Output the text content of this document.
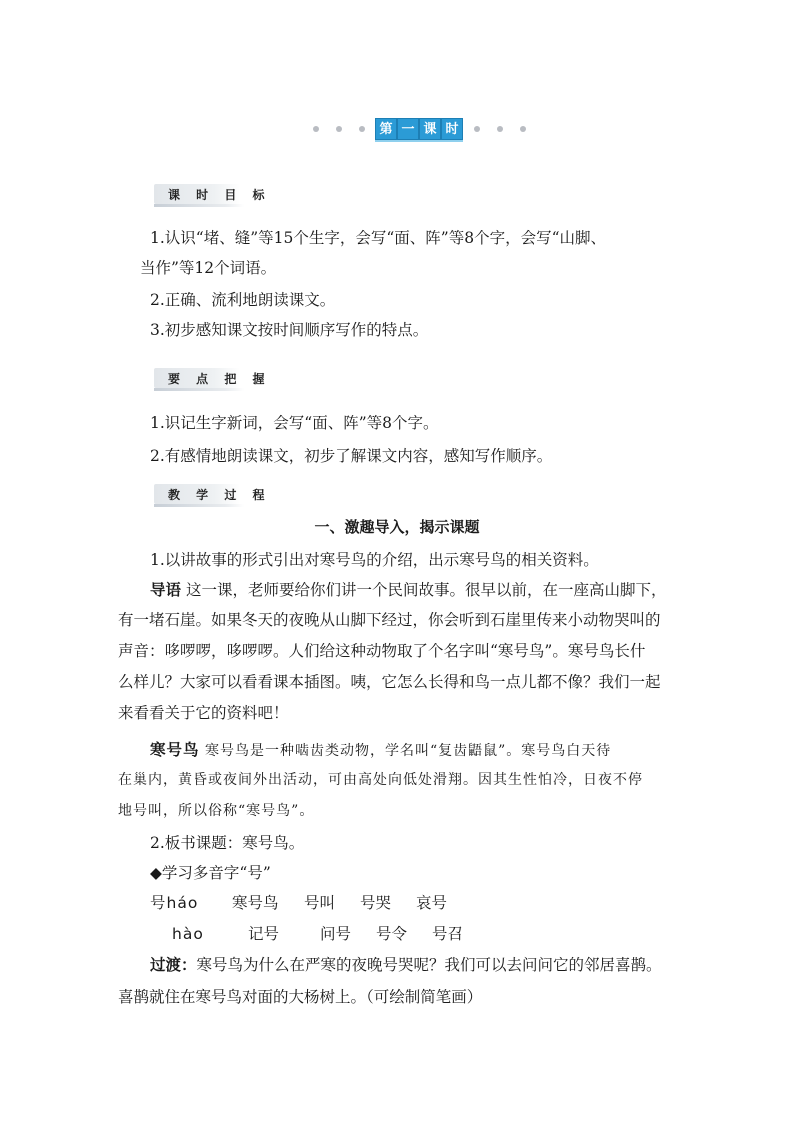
第 一 课 时
课 时 目 标
1.认识“堵、缝”等15个生字，会写“面、阵”等8个字，会写“山脚、
当作”等12个词语。
2.正确、流利地朗读课文。
3.初步感知课文按时间顺序写作的特点。
要 点 把 握
1.识记生字新词，会写“面、阵”等8个字。
2.有感情地朗读课文，初步了解课文内容，感知写作顺序。
教 学 过 程
一、激趣导入，揭示课题
1.以讲故事的形式引出对寒号鸟的介绍，出示寒号鸟的相关资料。
导语 这一课，老师要给你们讲一个民间故事。很早以前，在一座高山脚下，
有一堵石崖。如果冬天的夜晚从山脚下经过，你会听到石崖里传来小动物哭叫的
声音：哆啰啰，哆啰啰。人们给这种动物取了个名字叫“寒号鸟”。寒号鸟长什
么样儿？大家可以看看课本插图。咦，它怎么长得和鸟一点儿都不像？我们一起
来看看关于它的资料吧！
寒号鸟 寒号鸟是一种啮齿类动物，学名叫“复齿鼯鼠”。寒号鸟白天待
在巢内，黄昏或夜间外出活动，可由高处向低处滑翔。因其生性怕冷，日夜不停
地号叫，所以俗称“寒号鸟”。
2.板书课题：寒号鸟。
◆学习多音字“号”
号háo 寒号鸟 号叫 号哭 哀号
hào	记号	问号 号令 号召
过渡：寒号鸟为什么在严寒的夜晚号哭呢？我们可以去问问它的邻居喜鹊。
喜鹊就住在寒号鸟对面的大杨树上。（可绘制简笔画）
